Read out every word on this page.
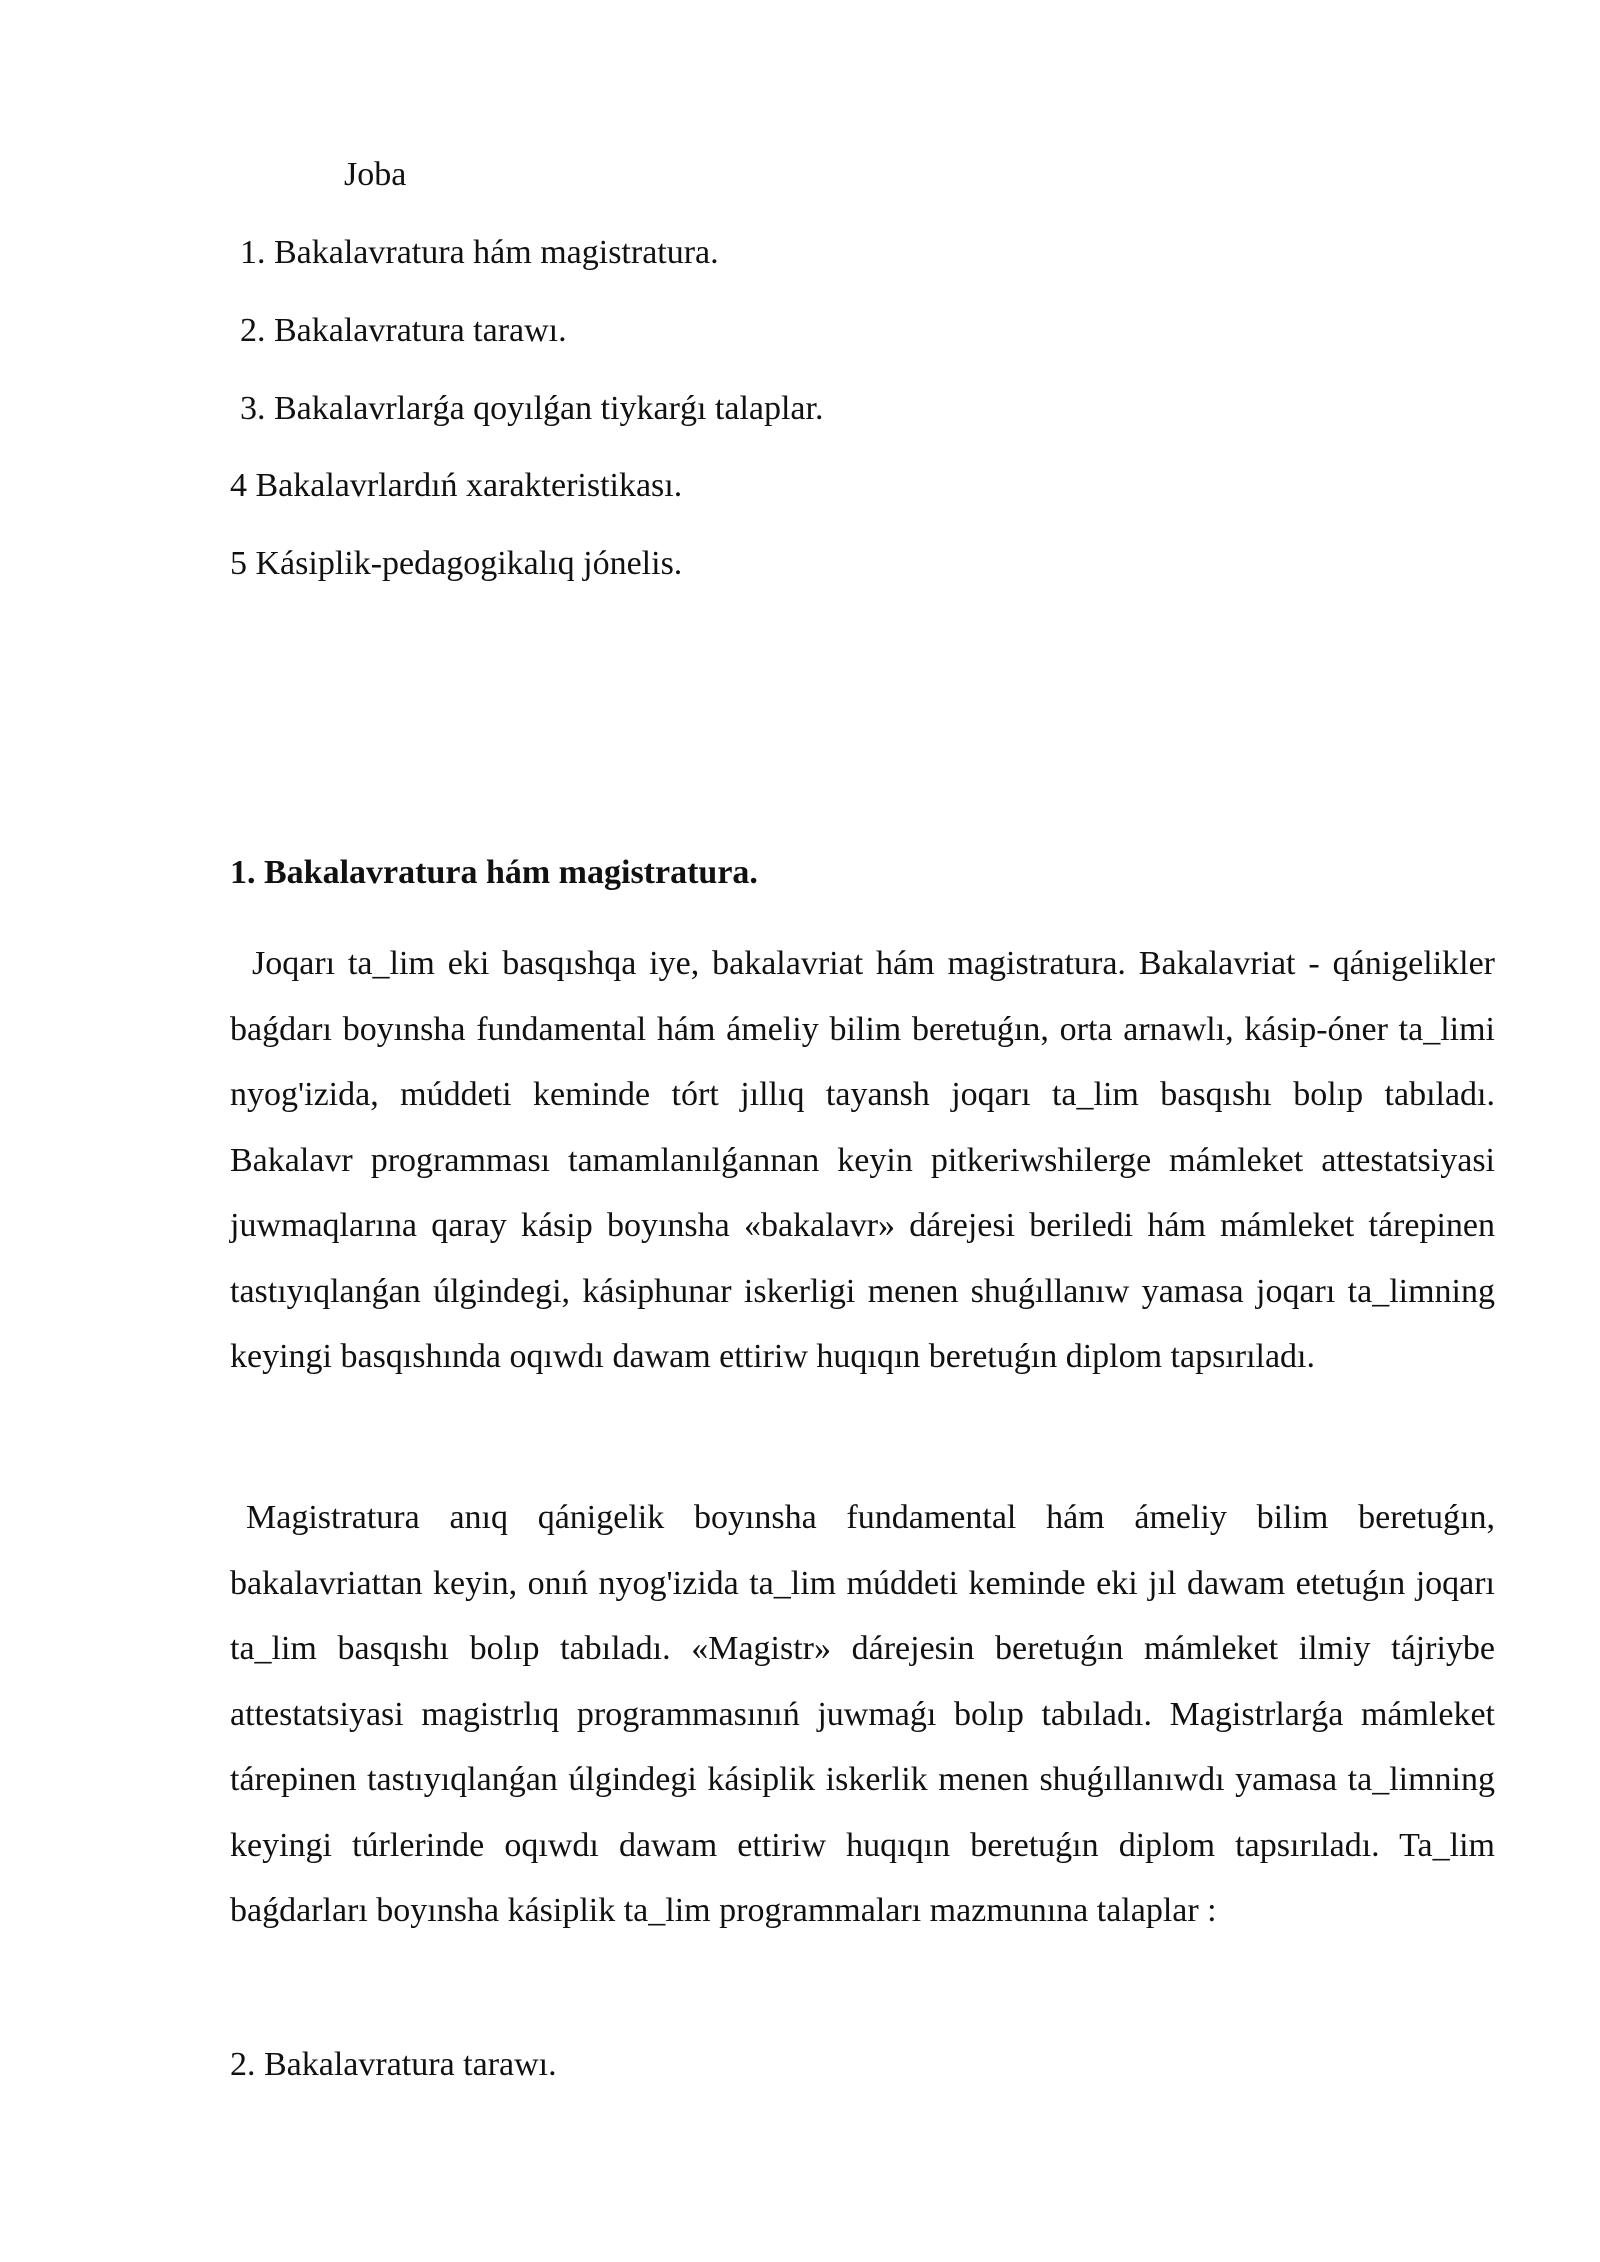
Joba
1. Bakalavratura hám magistratura.
2. Bakalavratura tarawı.
3. Bakalavrlarǵa qoyılǵan tiykarǵı talaplar.
4 Bakalavrlardıń xarakteristikası.
5 Kásiplik-pedagogikalıq jónelis.
1. Bakalavratura hám magistratura.

Joqarı ta_lim eki basqıshqa iye, bakalavriat hám magistratura. Bakalavriat - qánigelikler baǵdarı boyınsha fundamental hám ámeliy bilim beretuǵın, orta arnawlı, kásip-óner ta_limi nyog'izida, múddeti keminde tórt jıllıq tayansh joqarı ta_lim basqıshı bolıp tabıladı. Bakalavr programması tamamlanılǵannan keyin pitkeriwshilerge mámleket attestatsiyasi juwmaqlarına qaray kásip boyınsha «bakalavr» dárejesi beriledi hám mámleket tárepinen tastıyıqlanǵan úlgindegi, kásiphunar iskerligi menen shuǵıllanıw yamasa joqarı ta_limning keyingi basqıshında oqıwdı dawam ettiriw huqıqın beretuǵın diplom tapsırıladı.

Magistratura anıq qánigelik boyınsha fundamental hám ámeliy bilim beretuǵın, bakalavriattan keyin, onıń nyog'izida ta_lim múddeti keminde eki jıl dawam etetuǵın joqarı ta_lim basqıshı bolıp tabıladı. «Magistr» dárejesin beretuǵın mámleket ilmiy tájriybe attestatsiyasi magistrlıq programmasınıń juwmaǵı bolıp tabıladı. Magistrlarǵa mámleket tárepinen tastıyıqlanǵan úlgindegi kásiplik iskerlik menen shuǵıllanıwdı yamasa ta_limning keyingi túrlerinde oqıwdı dawam ettiriw huqıqın beretuǵın diplom tapsırıladı. Ta_lim baǵdarları boyınsha kásiplik ta_lim programmaları mazmunına talaplar :

2. Bakalavratura tarawı.
